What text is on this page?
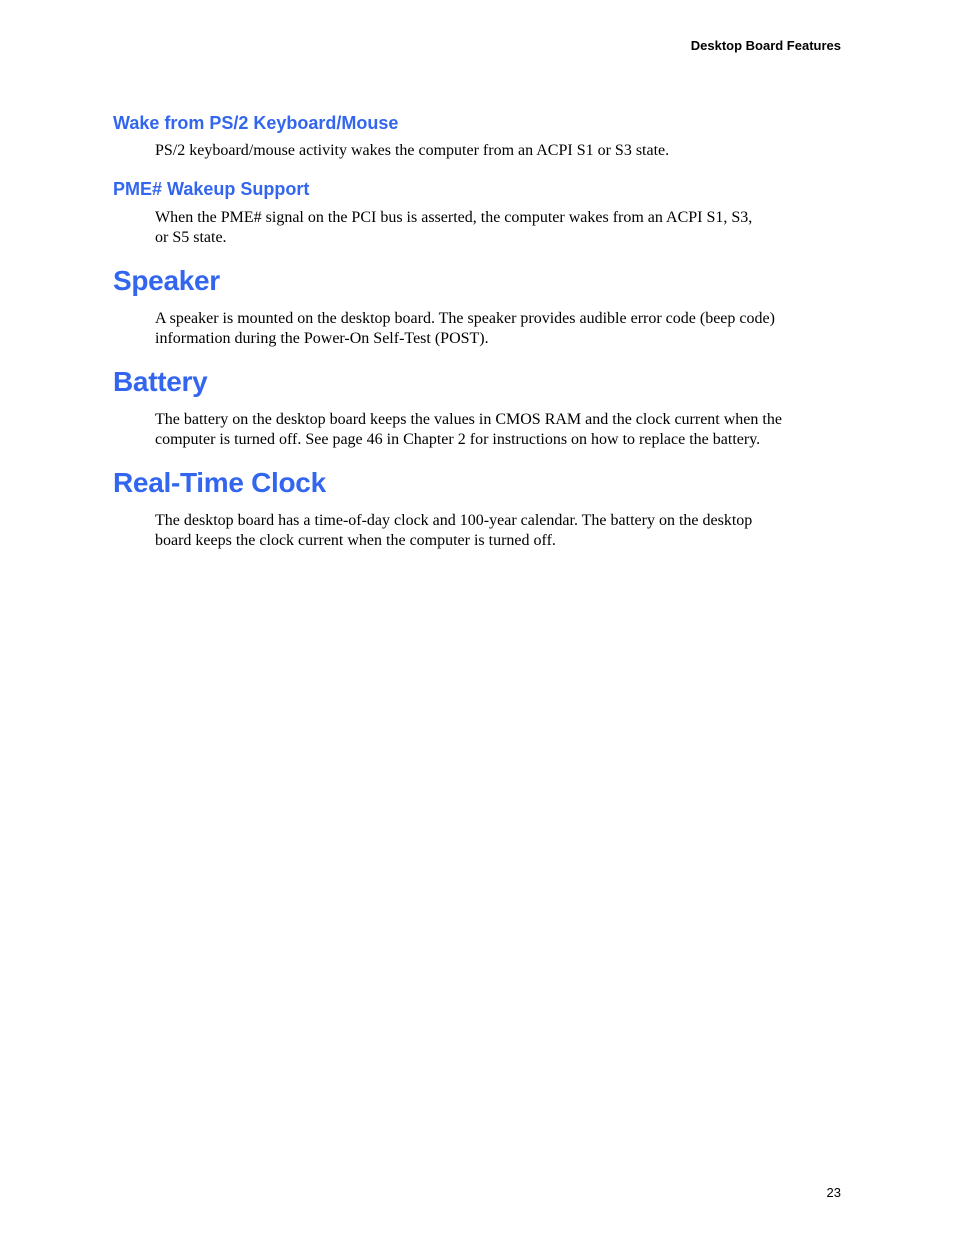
Desktop Board Features
Wake from PS/2 Keyboard/Mouse
PS/2 keyboard/mouse activity wakes the computer from an ACPI S1 or S3 state.
PME# Wakeup Support
When the PME# signal on the PCI bus is asserted, the computer wakes from an ACPI S1, S3,
or S5 state.
Speaker
A speaker is mounted on the desktop board. The speaker provides audible error code (beep code)
information during the Power-On Self-Test (POST).
Battery
The battery on the desktop board keeps the values in CMOS RAM and the clock current when the
computer is turned off. See page 46 in Chapter 2 for instructions on how to replace the battery.
Real-Time Clock
The desktop board has a time-of-day clock and 100-year calendar. The battery on the desktop
board keeps the clock current when the computer is turned off.
23
